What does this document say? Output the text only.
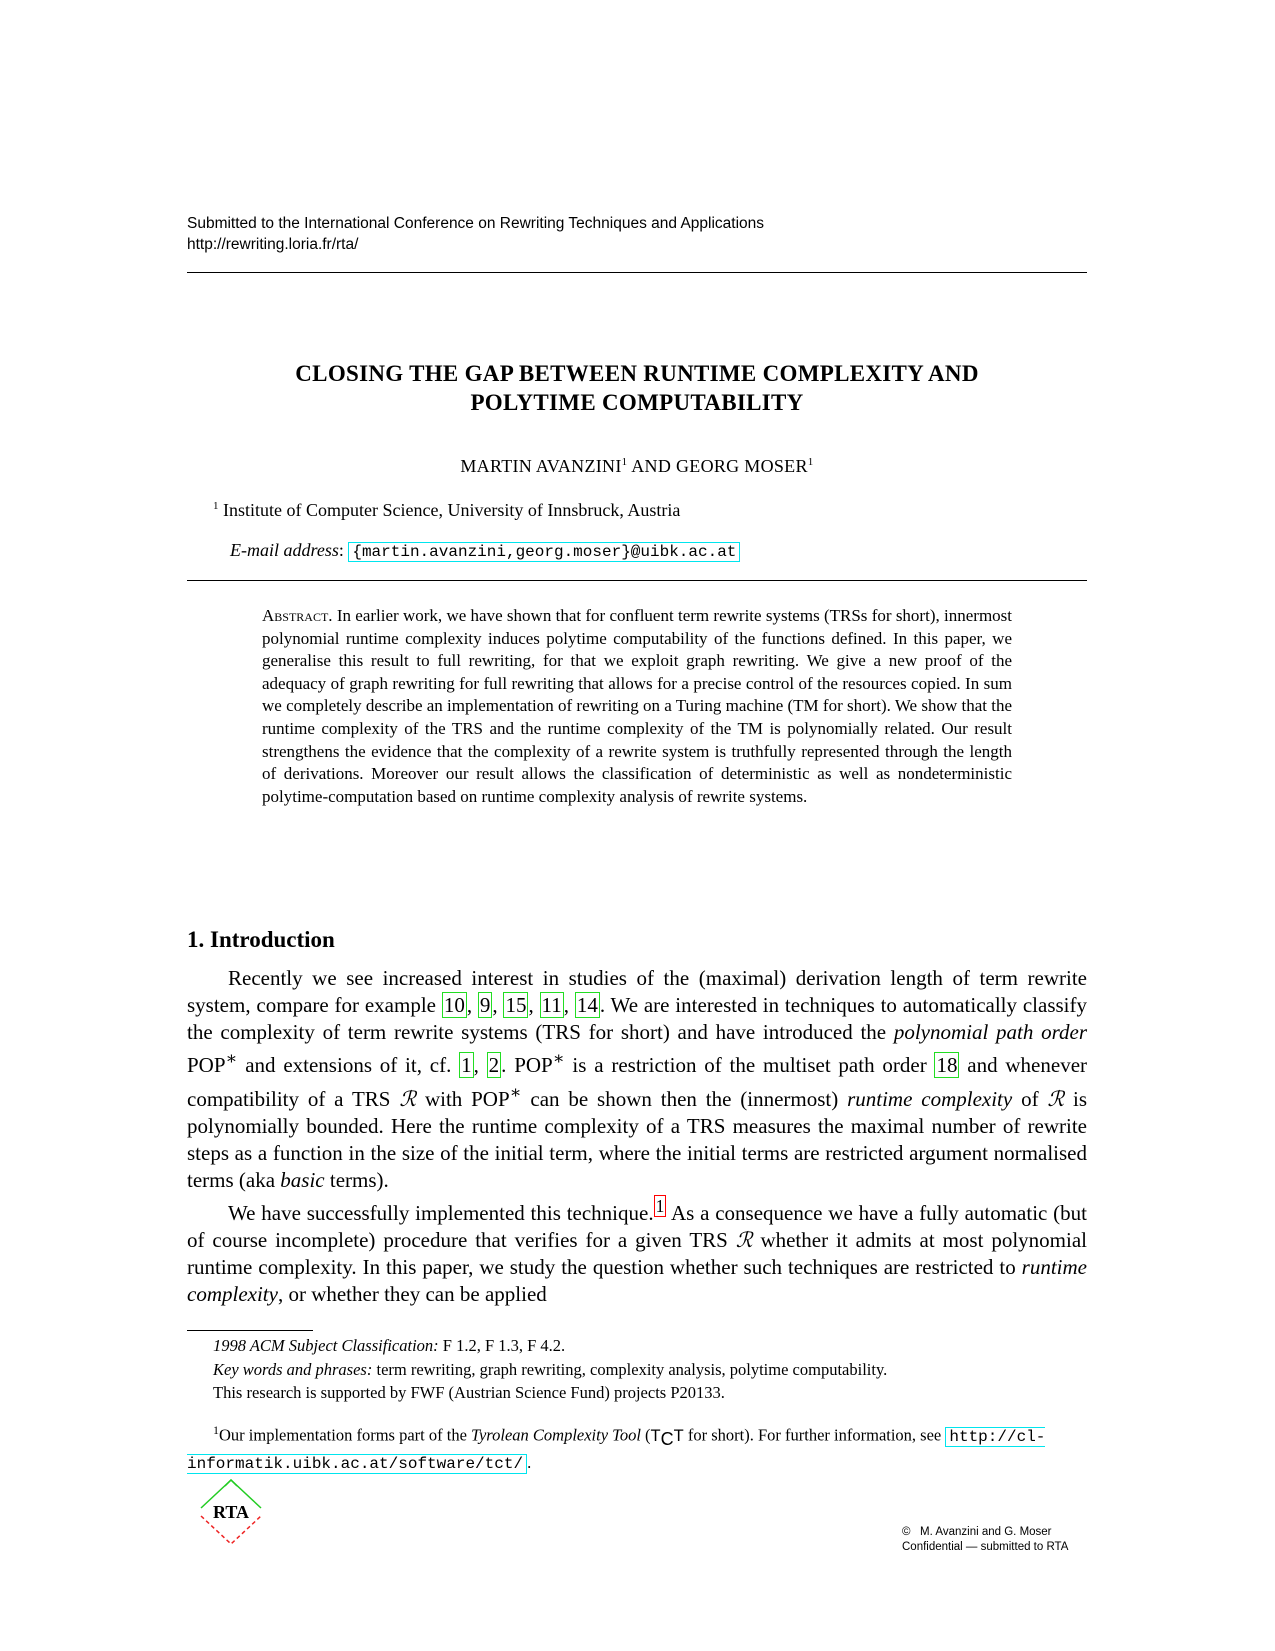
Submitted to the International Conference on Rewriting Techniques and Applications
http://rewriting.loria.fr/rta/
CLOSING THE GAP BETWEEN RUNTIME COMPLEXITY AND
POLYTIME COMPUTABILITY
MARTIN AVANZINI$^1$ AND GEORG MOSER$^1$
$^1$ Institute of Computer Science, University of Innsbruck, Austria
E-mail address: {martin.avanzini,georg.moser}@uibk.ac.at
Abstract. In earlier work, we have shown that for confluent term rewrite systems (TRSs for short), innermost polynomial runtime complexity induces polytime computability of the functions defined. In this paper, we generalise this result to full rewriting, for that we exploit graph rewriting. We give a new proof of the adequacy of graph rewriting for full rewriting that allows for a precise control of the resources copied. In sum we completely describe an implementation of rewriting on a Turing machine (TM for short). We show that the runtime complexity of the TRS and the runtime complexity of the TM is polynomially related. Our result strengthens the evidence that the complexity of a rewrite system is truthfully represented through the length of derivations. Moreover our result allows the classification of deterministic as well as nondeterministic polytime-computation based on runtime complexity analysis of rewrite systems.
1. Introduction

Recently we see increased interest in studies of the (maximal) derivation length of term rewrite system, compare for example 10, 9, 15, 11, 14. We are interested in techniques to automatically classify the complexity of term rewrite systems (TRS for short) and have introduced the polynomial path order POP∗ and extensions of it, cf. 1, 2. POP∗ is a restriction of the multiset path order 18 and whenever compatibility of a TRS ℛ with POP∗ can be shown then the (innermost) runtime complexity of ℛ is polynomially bounded. Here the runtime complexity of a TRS measures the maximal number of rewrite steps as a function in the size of the initial term, where the initial terms are restricted argument normalised terms (aka basic terms).

We have successfully implemented this technique. $^1$ As a consequence we have a fully automatic (but of course incomplete) procedure that verifies for a given TRS ℛ whether it admits at most polynomial runtime complexity. In this paper, we study the question whether such techniques are restricted to runtime complexity, or whether they can be applied

1998 ACM Subject Classification: F 1.2, F 1.3, F 4.2.
Key words and phrases: term rewriting, graph rewriting, complexity analysis, polytime computability.
This research is supported by FWF (Austrian Science Fund) projects P20133.
$^1$Our implementation forms part of the Tyrolean Complexity Tool (TCT for short). For further information, see http://cl-informatik.uibk.ac.at/software/tct/ .
RTA
©   M. Avanzini and G. Moser
Confidential — submitted to RTA
